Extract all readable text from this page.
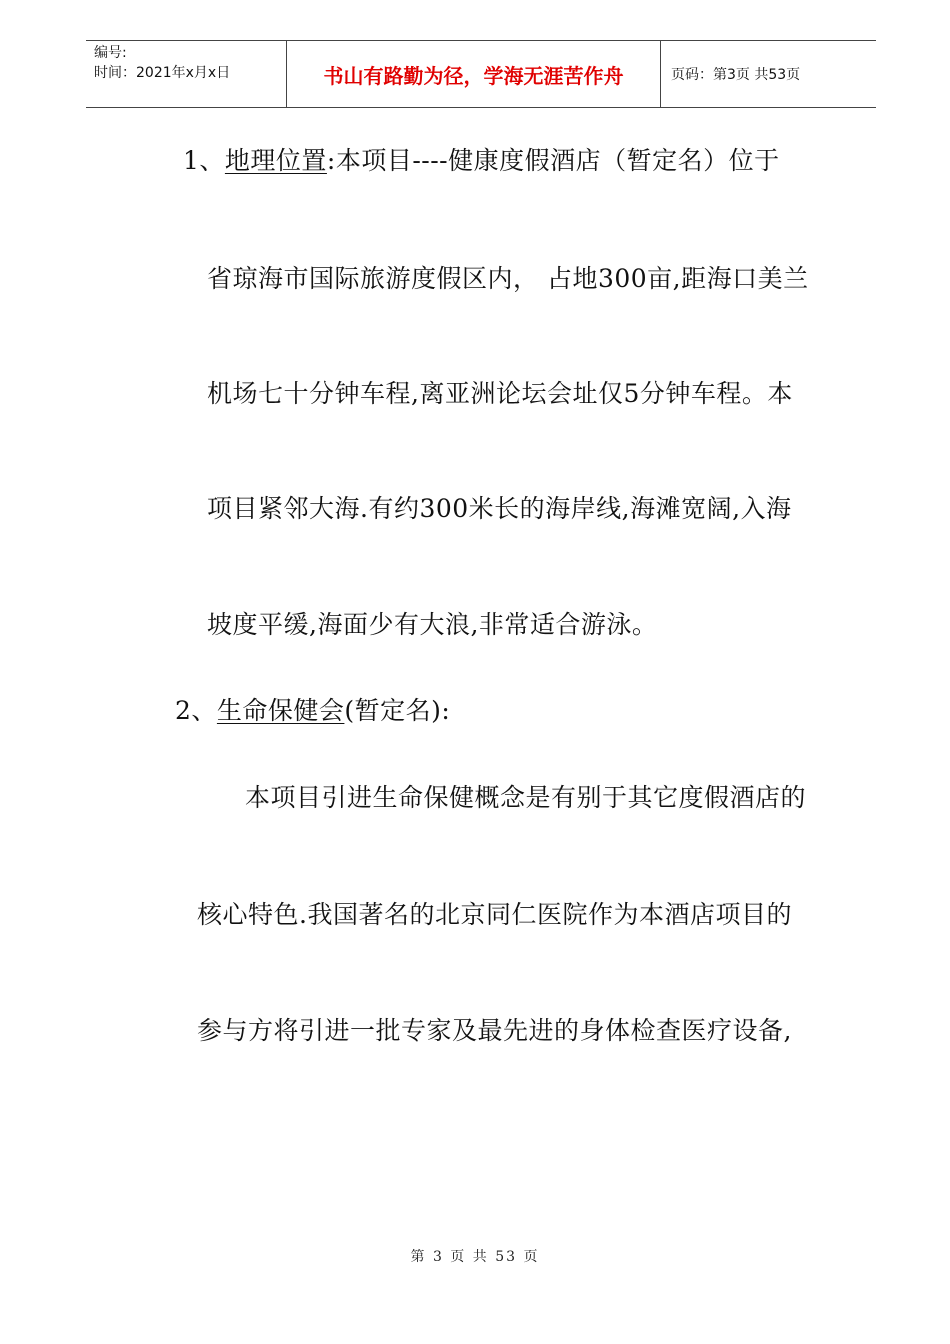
编号:
时间：2021年x月x日	书山有路勤为径，学海无涯苦作舟	页码：第3页 共53页
1、地理位置:本项目----健康度假酒店（暂定名）位于
省琼海市国际旅游度假区内， 占地300亩,距海口美兰
机场七十分钟车程,离亚洲论坛会址仅5分钟车程。本
项目紧邻大海.有约300米长的海岸线,海滩宽阔,入海
坡度平缓,海面少有大浪,非常适合游泳。
2、生命保健会(暂定名):
本项目引进生命保健概念是有别于其它度假酒店的
核心特色.我国著名的北京同仁医院作为本酒店项目的
参与方将引进一批专家及最先进的身体检查医疗设备,
第 3 页 共 53 页
